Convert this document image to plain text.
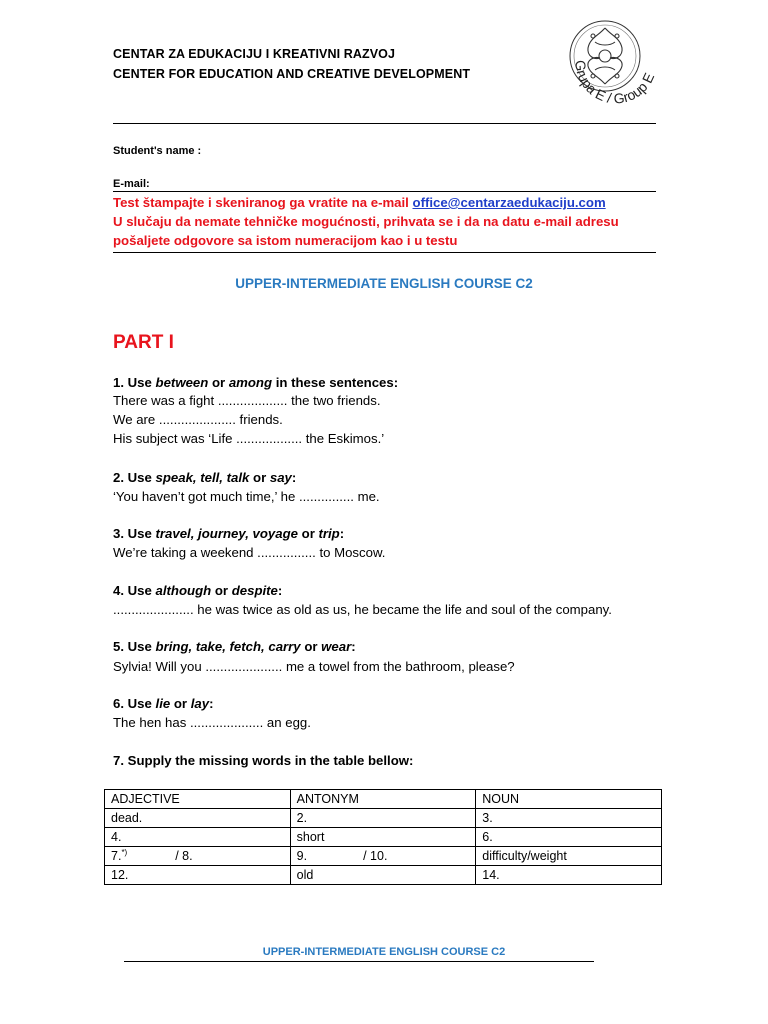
CENTAR ZA EDUKACIJU I KREATIVNI RAZVOJ
CENTER FOR EDUCATION AND CREATIVE DEVELOPMENT
Grupa E / Group E
Student's name :
E-mail:
Test štampajte i skeniranog ga vratite na e-mail office@centarzaedukaciju.com
U slučaju da nemate tehničke mogućnosti, prihvata se i da na datu e-mail adresu
pošaljete odgovore sa istom numeracijom kao i u testu
UPPER-INTERMEDIATE ENGLISH COURSE C2
PART I
1. Use between or among in these sentences:
There was a fight ................... the two friends.
We are ..................... friends.
His subject was ‘Life .................. the Eskimos.’
2. Use speak, tell, talk or say:
‘You haven’t got much time,’ he ............... me.
3. Use travel, journey, voyage or trip:
We’re taking a weekend ................ to Moscow.
4. Use although or despite:
...................... he was twice as old as us, he became the life and soul of the company.
5. Use bring, take, fetch, carry or wear:
Sylvia! Will you ..................... me a towel from the bathroom, please?
6. Use lie or lay:
The hen has .................... an egg.
7. Supply the missing words in the table bellow:
ADJECTIVE	ANTONYM	NOUN
dead.	2.	3.
4.	short	6.
7.*) / 8.	9. / 10.	difficulty/weight
12.	old	14.
UPPER-INTERMEDIATE ENGLISH COURSE C2
